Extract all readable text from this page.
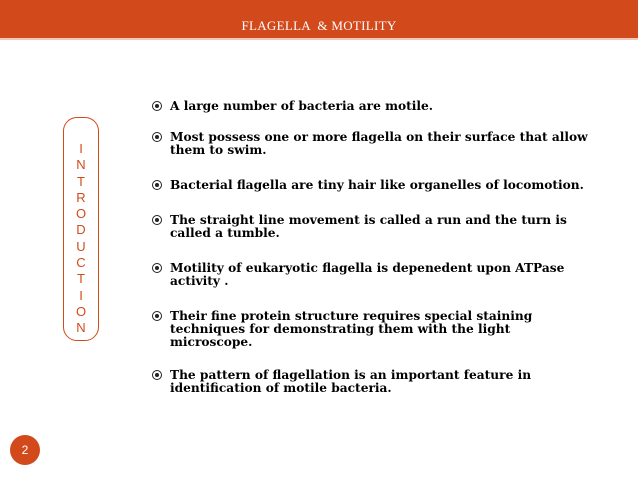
FLAGELLA  & MOTILITY
I
N
T
R
O
D
U
C
T
I
O
N
A large number of bacteria are motile.
Most possess one or more flagella on their surface that allow them to swim.
Bacterial flagella are tiny hair like organelles of locomotion.
The straight line movement is called a run and the turn is called a tumble.
Motility of eukaryotic flagella is depenedent upon ATPase activity .
Their fine protein structure requires special staining techniques for demonstrating them with the light microscope.
The pattern of flagellation is an important feature in identification of motile bacteria.
2
